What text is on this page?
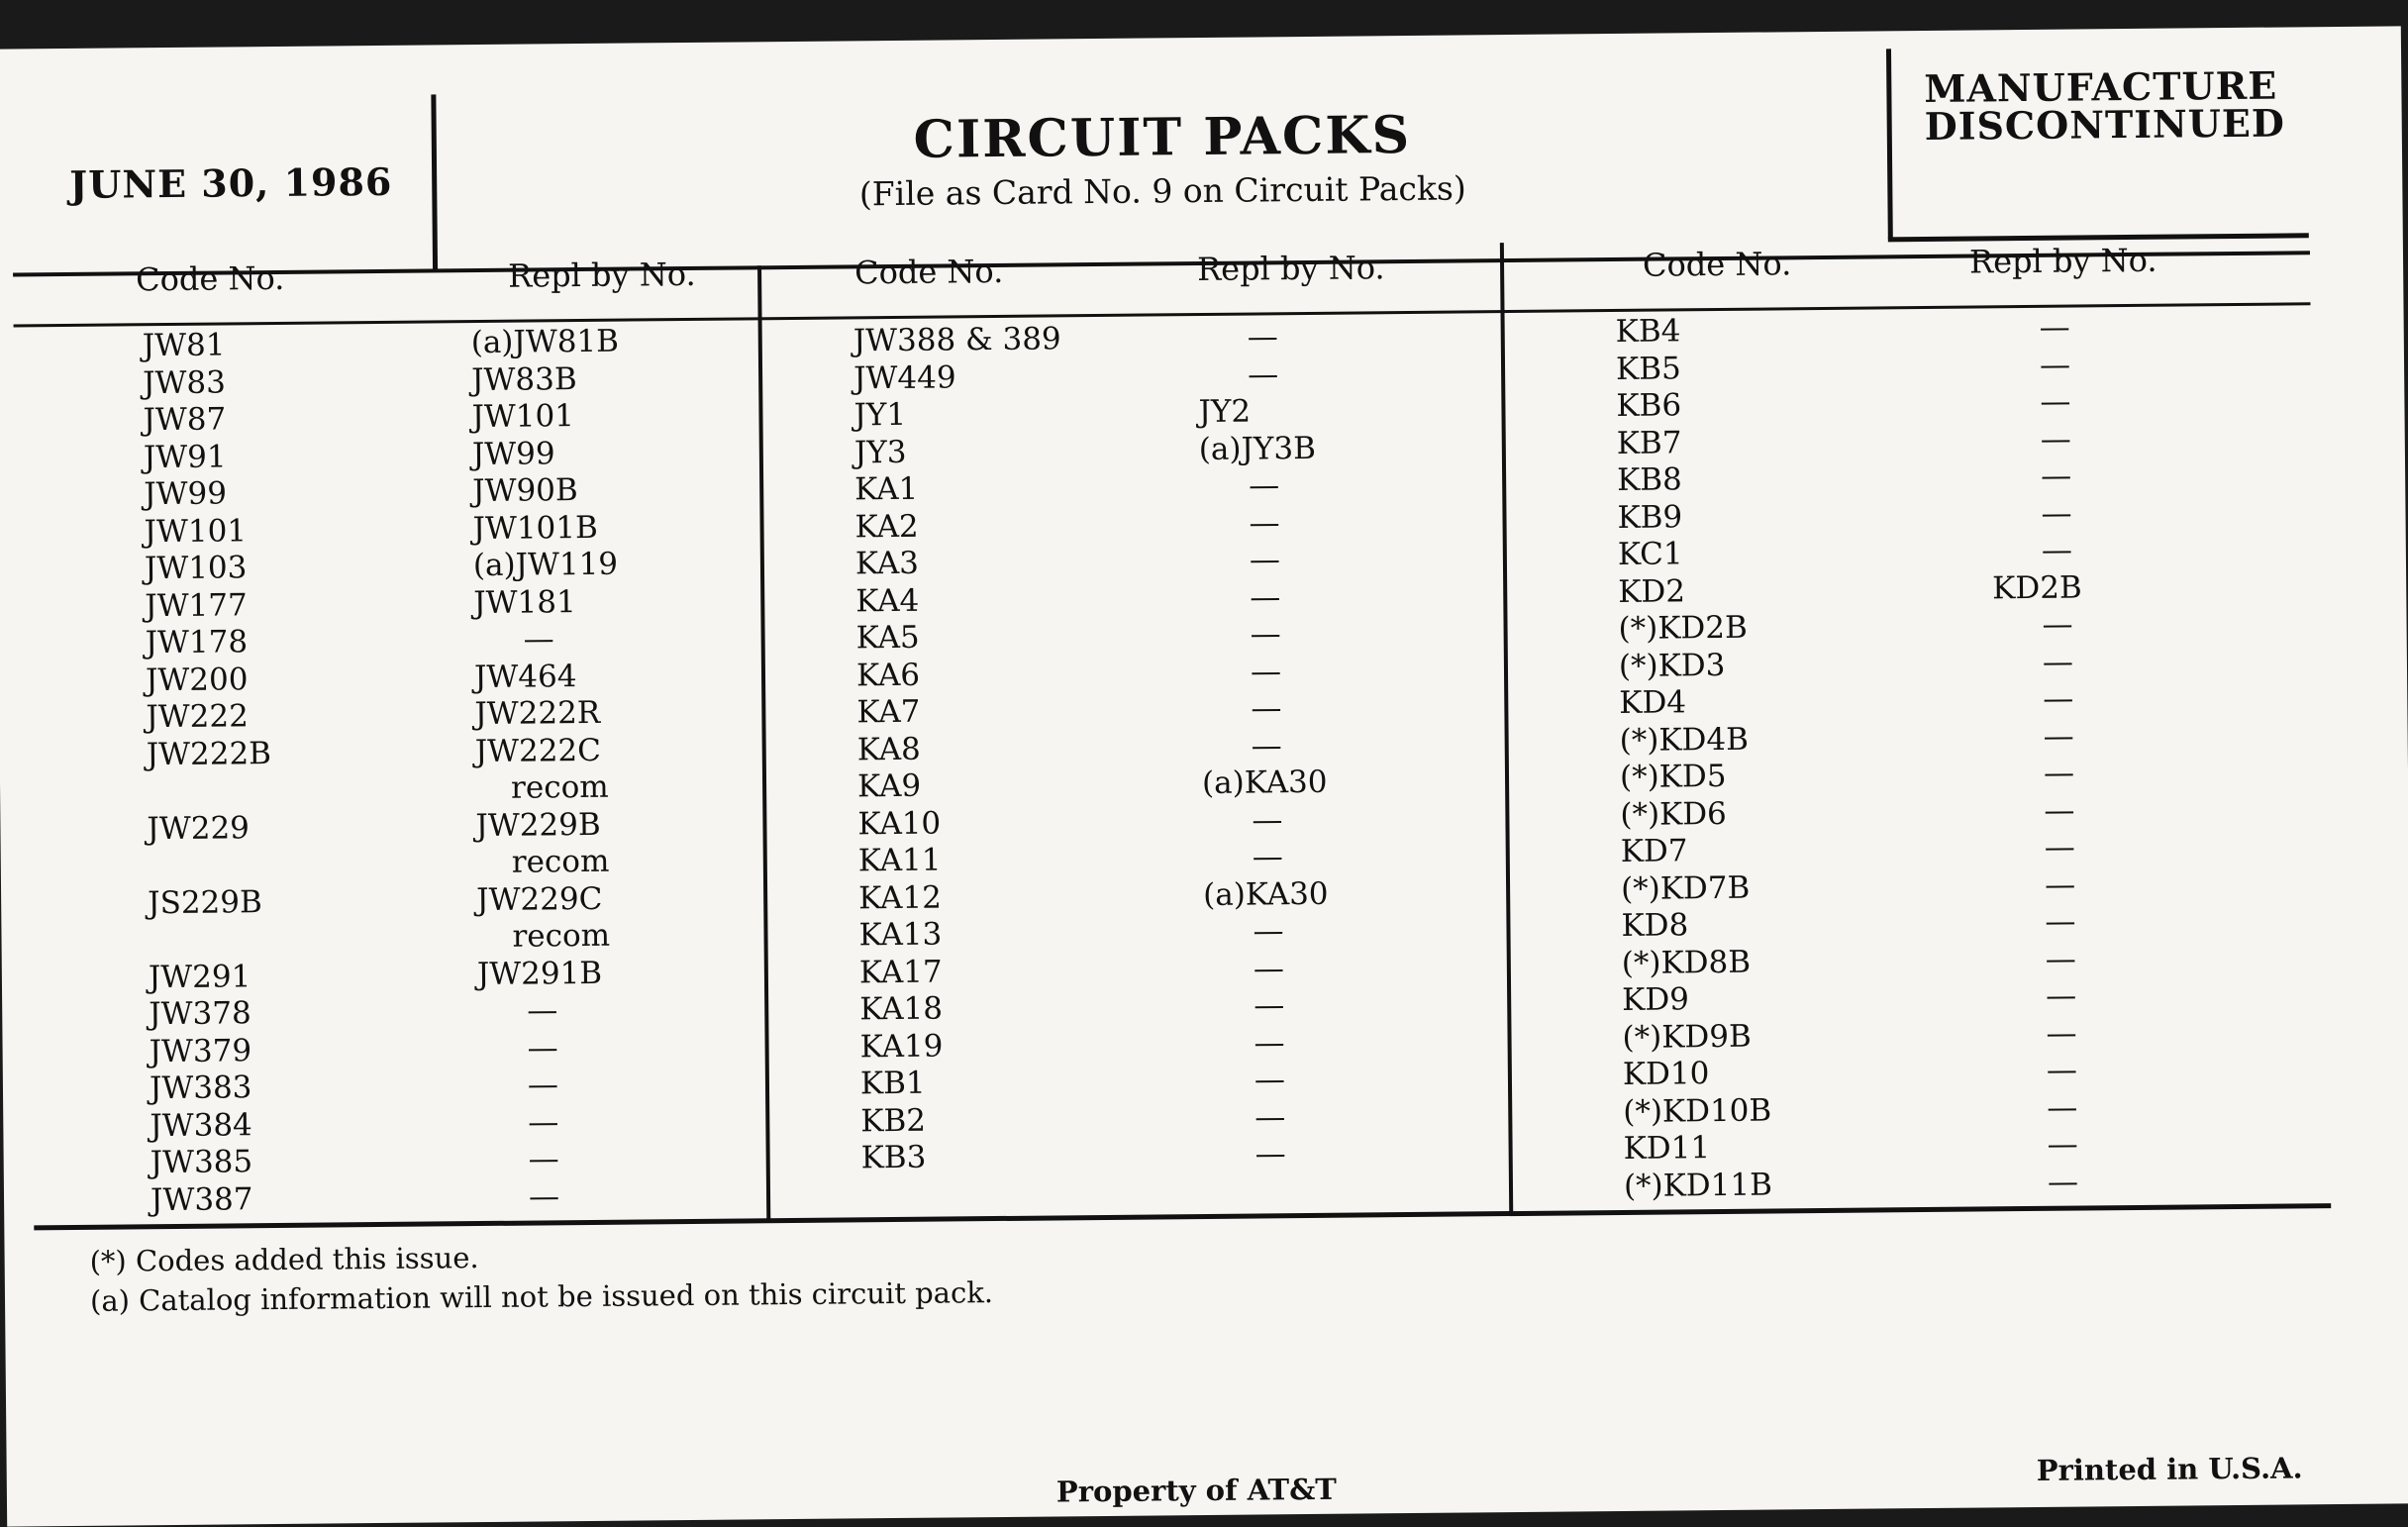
JUNE 30, 1986
CIRCUIT PACKS
(File as Card No. 9 on Circuit Packs)
MANUFACTURE
DISCONTINUED
Code No.	Repl by No.
JW81	(a)JW81B
JW83	JW83B
JW87	JW101
JW91	JW99
JW99	JW90B
JW101	JW101B
JW103	(a)JW119
JW177	JW181
JW178	—
JW200	JW464
JW222	JW222R
JW222B	JW222C
recom
JW229	JW229B
recom
JS229B	JW229C
recom
JW291	JW291B
JW378	—
JW379	—
JW383	—
JW384	—
JW385	—
JW387	—
Code No.	Repl by No.
JW388 & 389	—
JW449	—
JY1	JY2
JY3	(a)JY3B
KA1	—
KA2	—
KA3	—
KA4	—
KA5	—
KA6	—
KA7	—
KA8	—
KA9	(a)KA30
KA10	—
KA11	—
KA12	(a)KA30
KA13	—
KA17	—
KA18	—
KA19	—
KB1	—
KB2	—
KB3	—
Code No.	Repl by No.
KB4	—
KB5	—
KB6	—
KB7	—
KB8	—
KB9	—
KC1	—
KD2	KD2B
(*)KD2B	—
(*)KD3	—
KD4	—
(*)KD4B	—
(*)KD5	—
(*)KD6	—
KD7	—
(*)KD7B	—
KD8	—
(*)KD8B	—
KD9	—
(*)KD9B	—
KD10	—
(*)KD10B	—
KD11	—
(*)KD11B	—
(*) Codes added this issue.
(a) Catalog information will not be issued on this circuit pack.
Property of AT&T
Printed in U.S.A.
